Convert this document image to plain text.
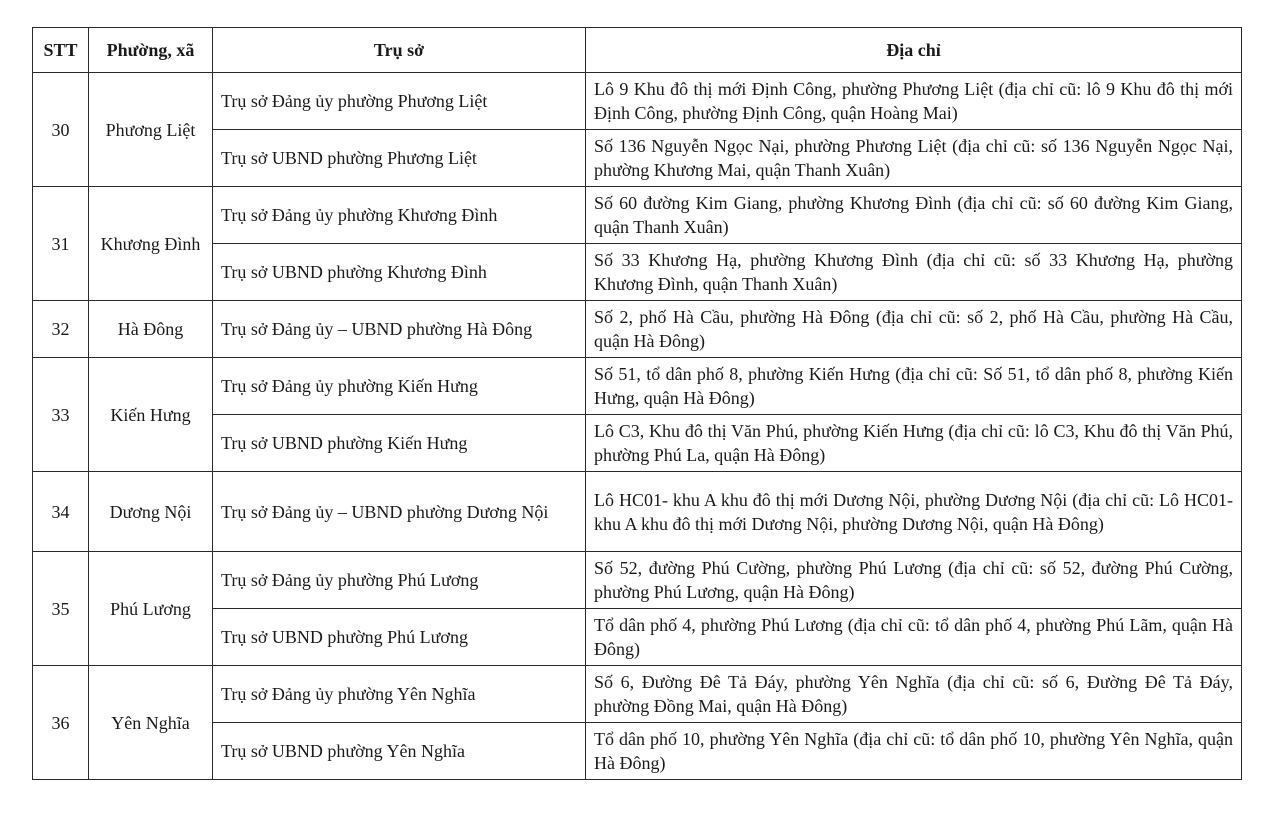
STT	Phường, xã	Trụ sở	Địa chỉ
30	Phương Liệt	Trụ sở Đảng ủy phường Phương Liệt	Lô 9 Khu đô thị mới Định Công, phường Phương Liệt (địa chỉ cũ: lô 9 Khu đô thị mới Định Công, phường Định Công, quận Hoàng Mai)
		Trụ sở UBND phường Phương Liệt	Số 136 Nguyễn Ngọc Nại, phường Phương Liệt (địa chỉ cũ: số 136 Nguyễn Ngọc Nại, phường Khương Mai, quận Thanh Xuân)
31	Khương Đình	Trụ sở Đảng ủy phường Khương Đình	Số 60 đường Kim Giang, phường Khương Đình (địa chỉ cũ: số 60 đường Kim Giang, quận Thanh Xuân)
		Trụ sở UBND phường Khương Đình	Số 33 Khương Hạ, phường Khương Đình (địa chỉ cũ: số 33 Khương Hạ, phường Khương Đình, quận Thanh Xuân)
32	Hà Đông	Trụ sở Đảng ủy – UBND phường Hà Đông	Số 2, phố Hà Cầu, phường Hà Đông (địa chỉ cũ: số 2, phố Hà Cầu, phường Hà Cầu, quận Hà Đông)
33	Kiến Hưng	Trụ sở Đảng ủy phường Kiến Hưng	Số 51, tổ dân phố 8, phường Kiến Hưng (địa chỉ cũ: Số 51, tổ dân phố 8, phường Kiến Hưng, quận Hà Đông)
		Trụ sở UBND phường Kiến Hưng	Lô C3, Khu đô thị Văn Phú, phường Kiến Hưng (địa chỉ cũ: lô C3, Khu đô thị Văn Phú, phường Phú La, quận Hà Đông)
34	Dương Nội	Trụ sở Đảng ủy – UBND phường Dương Nội	Lô HC01- khu A khu đô thị mới Dương Nội, phường Dương Nội (địa chỉ cũ: Lô HC01- khu A khu đô thị mới Dương Nội, phường Dương Nội, quận Hà Đông)
35	Phú Lương	Trụ sở Đảng ủy phường Phú Lương	Số 52, đường Phú Cường, phường Phú Lương (địa chỉ cũ: số 52, đường Phú Cường, phường Phú Lương, quận Hà Đông)
		Trụ sở UBND phường Phú Lương	Tổ dân phố 4, phường Phú Lương (địa chỉ cũ: tổ dân phố 4, phường Phú Lãm, quận Hà Đông)
36	Yên Nghĩa	Trụ sở Đảng ủy phường Yên Nghĩa	Số 6, Đường Đê Tả Đáy, phường Yên Nghĩa (địa chỉ cũ: số 6, Đường Đê Tả Đáy, phường Đồng Mai, quận Hà Đông)
		Trụ sở UBND phường Yên Nghĩa	Tổ dân phố 10, phường Yên Nghĩa (địa chỉ cũ: tổ dân phố 10, phường Yên Nghĩa, quận Hà Đông)
